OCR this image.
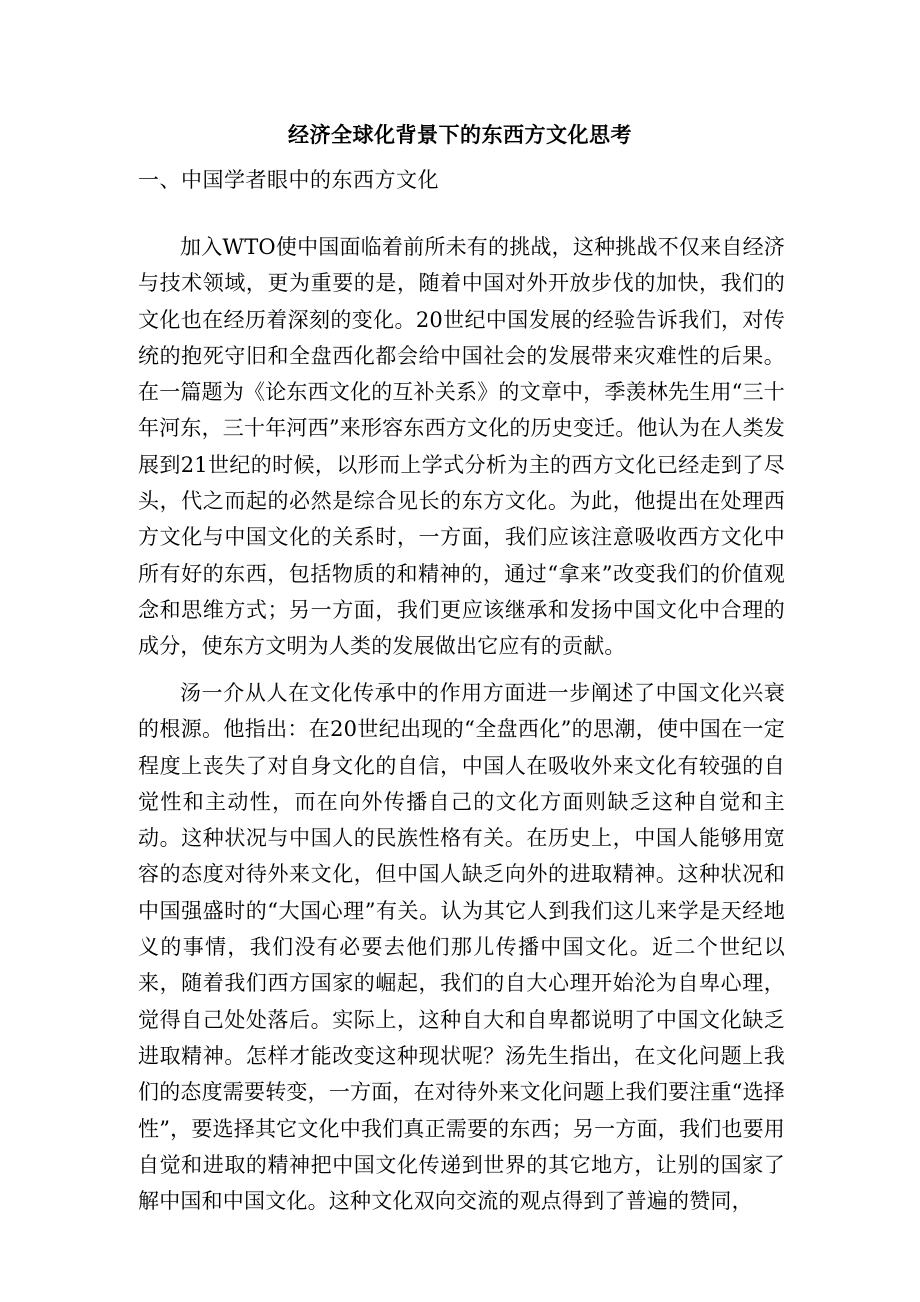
经济全球化背景下的东西方文化思考
一、中国学者眼中的东西方文化

加入WTO使中国面临着前所未有的挑战，这种挑战不仅来自经济与技术领域，更为重要的是，随着中国对外开放步伐的加快，我们的文化也在经历着深刻的变化。20世纪中国发展的经验告诉我们，对传统的抱死守旧和全盘西化都会给中国社会的发展带来灾难性的后果。在一篇题为《论东西文化的互补关系》的文章中，季羡林先生用“三十年河东，三十年河西”来形容东西方文化的历史变迁。他认为在人类发展到21世纪的时候，以形而上学式分析为主的西方文化已经走到了尽头，代之而起的必然是综合见长的东方文化。为此，他提出在处理西方文化与中国文化的关系时，一方面，我们应该注意吸收西方文化中所有好的东西，包括物质的和精神的，通过“拿来”改变我们的价值观念和思维方式；另一方面，我们更应该继承和发扬中国文化中合理的成分，使东方文明为人类的发展做出它应有的贡献。

汤一介从人在文化传承中的作用方面进一步阐述了中国文化兴衰的根源。他指出：在20世纪出现的“全盘西化”的思潮，使中国在一定程度上丧失了对自身文化的自信，中国人在吸收外来文化有较强的自觉性和主动性，而在向外传播自己的文化方面则缺乏这种自觉和主动。这种状况与中国人的民族性格有关。在历史上，中国人能够用宽容的态度对待外来文化，但中国人缺乏向外的进取精神。这种状况和中国强盛时的“大国心理”有关。认为其它人到我们这儿来学是天经地义的事情，我们没有必要去他们那儿传播中国文化。近二个世纪以来，随着我们西方国家的崛起，我们的自大心理开始沦为自卑心理，觉得自己处处落后。实际上，这种自大和自卑都说明了中国文化缺乏进取精神。怎样才能改变这种现状呢？汤先生指出，在文化问题上我们的态度需要转变，一方面，在对待外来文化问题上我们要注重“选择性”，要选择其它文化中我们真正需要的东西；另一方面，我们也要用自觉和进取的精神把中国文化传递到世界的其它地方，让别的国家了解中国和中国文化。这种文化双向交流的观点得到了普遍的赞同，
